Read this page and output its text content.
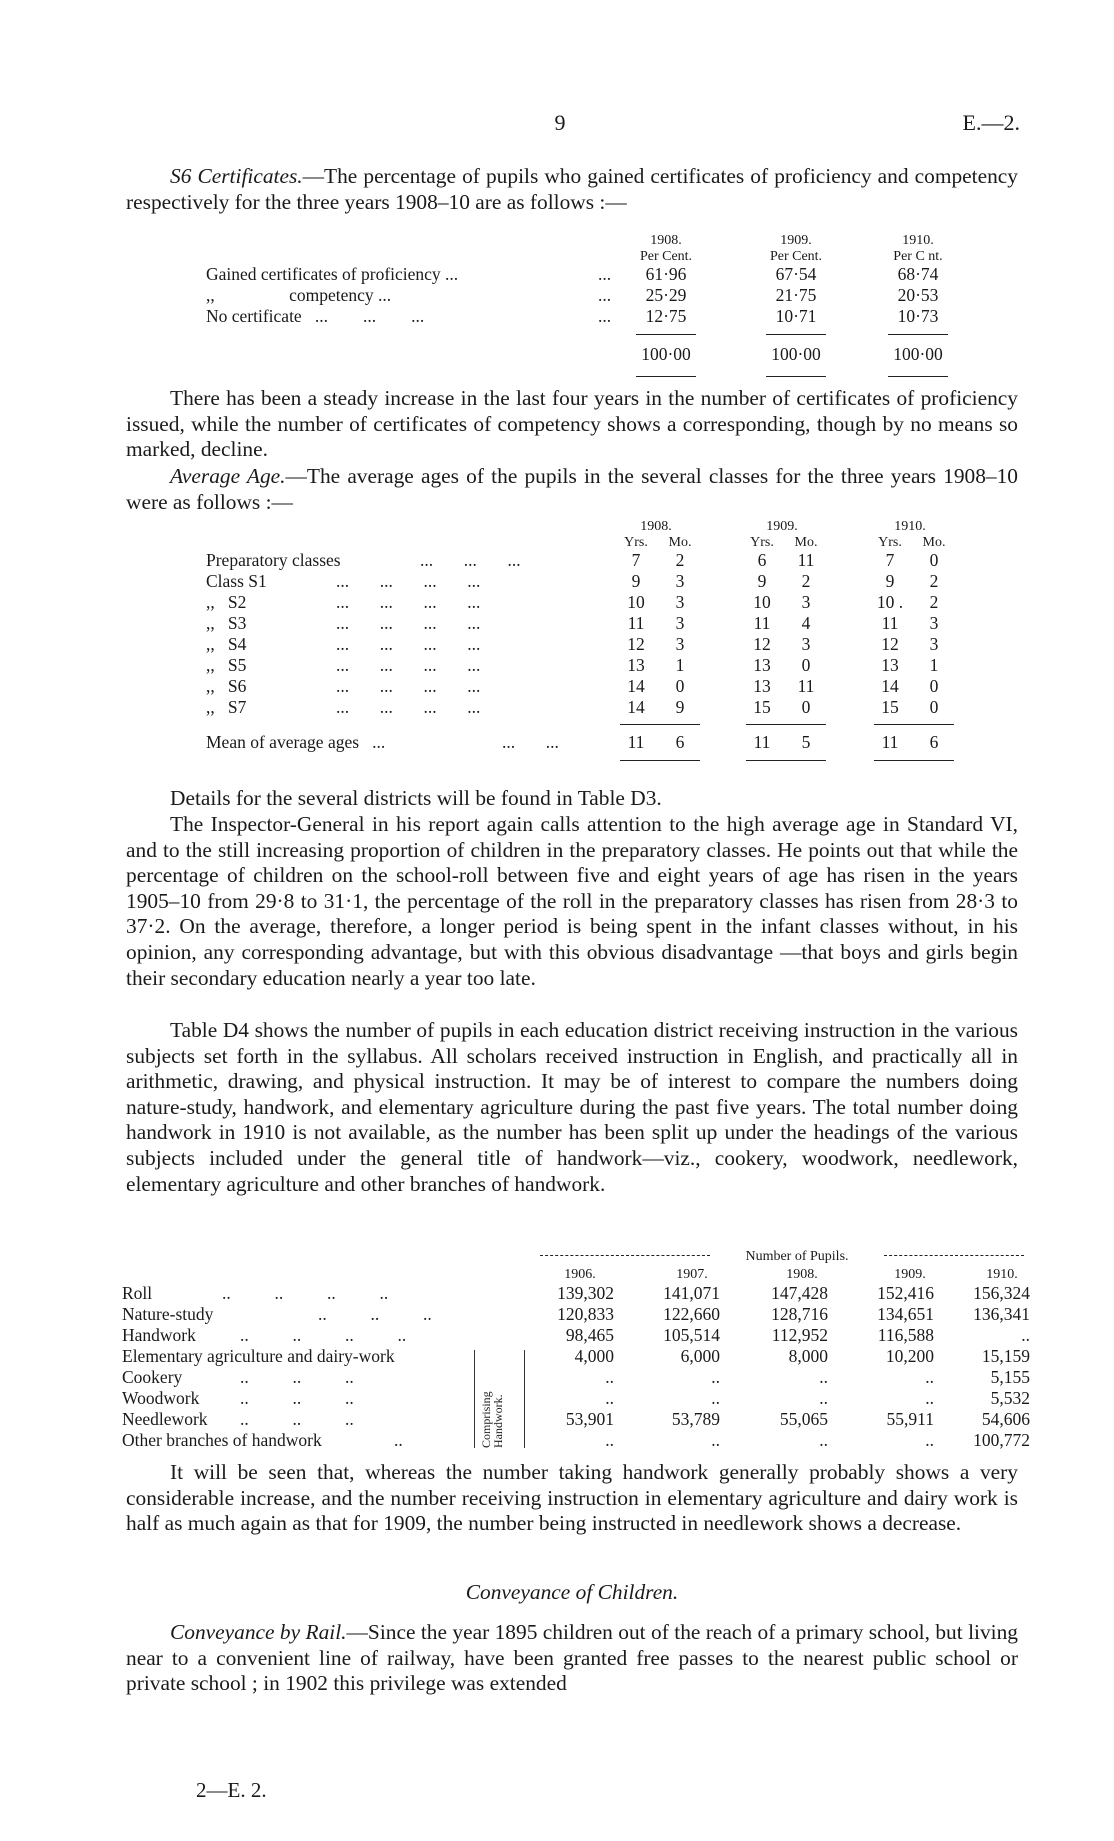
9	E.—2.

S6 Certificates.—The percentage of pupils who gained certificates of proficiency and competency respectively for the three years 1908–10 are as follows :—

1908.	1909.	1910.
Per Cent.	Per Cent.	Per C nt.
Gained certificates of proficiency ...	...	61·96	67·54	68·74
,,                 competency ...	...	25·29	21·75	20·53
No certificate   ...        ...        ...	...	12·75	10·71	10·73
100·00	100·00	100·00

There has been a steady increase in the last four years in the number of certificates of proficiency issued, while the number of certificates of competency shows a corresponding, though by no means so marked, decline.

Average Age.—The average ages of the pupils in the several classes for the three years 1908–10 were as follows :—

1908.	1909.	1910.
Yrs.	Mo.	Yrs.	Mo.	Yrs.	Mo.
Preparatory classes	...       ...       ...	7	2	6	11	7	0
Class S1	...       ...       ...       ...	9	3	9	2	9	2
,,   S2	...       ...       ...       ...	10	3	10	3	10 .	2
,,   S3	...       ...       ...       ...	11	3	11	4	11	3
,,   S4	...       ...       ...       ...	12	3	12	3	12	3
,,   S5	...       ...       ...       ...	13	1	13	0	13	1
,,   S6	...       ...       ...       ...	14	0	13	11	14	0
,,   S7	...       ...       ...       ...	14	9	15	0	15	0
Mean of average ages   ...	...       ...	11	6	11	5	11	6

Details for the several districts will be found in Table D3.

The Inspector-General in his report again calls attention to the high average age in Standard VI, and to the still increasing proportion of children in the preparatory classes. He points out that while the percentage of children on the school-roll between five and eight years of age has risen in the years 1905–10 from 29·8 to 31·1, the percentage of the roll in the preparatory classes has risen from 28·3 to 37·2. On the average, therefore, a longer period is being spent in the infant classes without, in his opinion, any corresponding advantage, but with this obvious disadvantage —that boys and girls begin their secondary education nearly a year too late.

Table D4 shows the number of pupils in each education district receiving instruction in the various subjects set forth in the syllabus. All scholars received instruction in English, and practically all in arithmetic, drawing, and physical instruction. It may be of interest to compare the numbers doing nature-study, handwork, and elementary agriculture during the past five years. The total number doing handwork in 1910 is not available, as the number has been split up under the headings of the various subjects included under the general title of handwork—viz., cookery, woodwork, needlework, elementary agriculture and other branches of handwork.

Number of Pupils.
1906.	1907.	1908.	1909.	1910.
Roll	..          ..          ..          ..	139,302	141,071	147,428	152,416	156,324
Nature-study	..          ..          ..	120,833	122,660	128,716	134,651	136,341
Handwork	..          ..          ..          ..	98,465	105,514	112,952	116,588	..
Elementary agriculture and dairy-work	4,000	6,000	8,000	10,200	15,159
Cookery	..          ..          ..	..	..	..	..	5,155
Woodwork ..          ..          ..	..	..	..	..	5,532
Needlework ..          ..          ..	53,901	53,789	55,065	55,911	54,606
Other branches of handwork	..	..	..	..	..	100,772
Comprising Handwork.

It will be seen that, whereas the number taking handwork generally probably shows a very considerable increase, and the number receiving instruction in elementary agriculture and dairy work is half as much again as that for 1909, the number being instructed in needlework shows a decrease.

Conveyance of Children.

Conveyance by Rail.—Since the year 1895 children out of the reach of a primary school, but living near to a convenient line of railway, have been granted free passes to the nearest public school or private school ; in 1902 this privilege was extended

2—E. 2.
